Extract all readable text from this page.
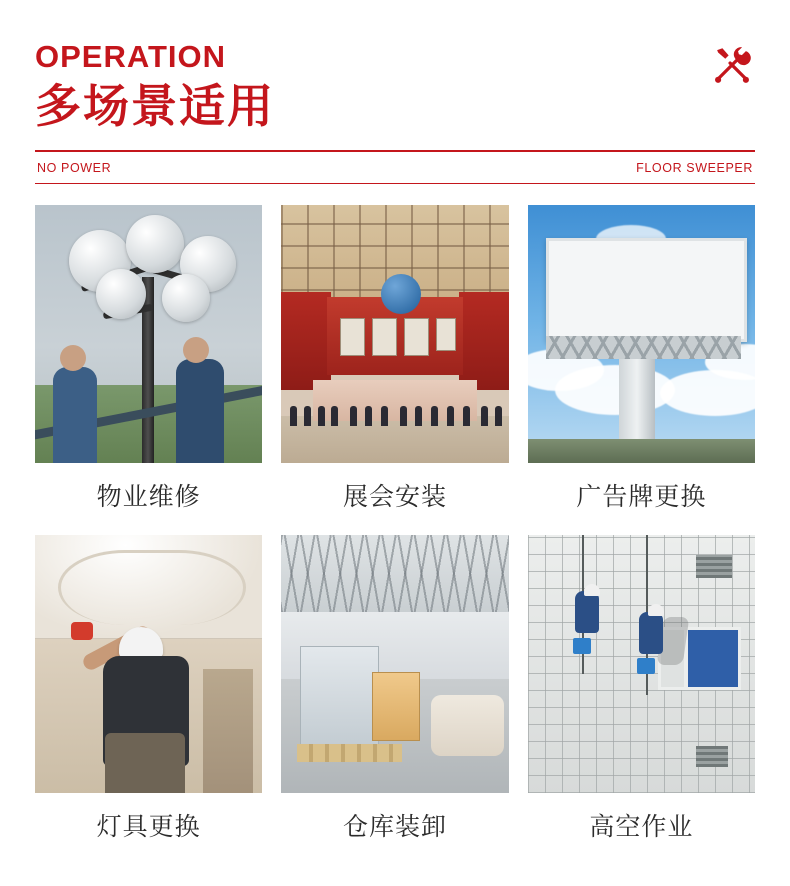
OPERATION
多场景适用
NO POWER	FLOOR SWEEPER
物业维修	展会安装	广告牌更换
灯具更换	仓库装卸	高空作业
